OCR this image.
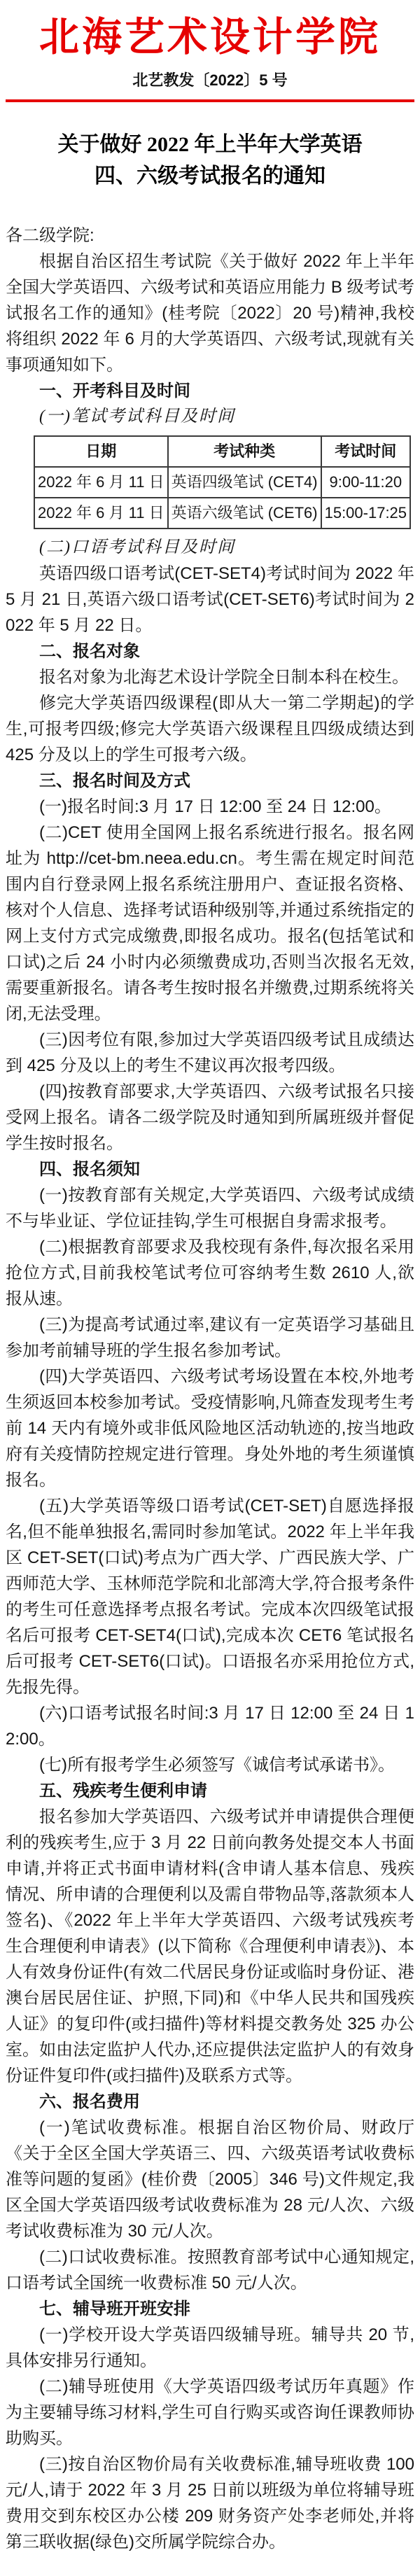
北海艺术设计学院
北艺教发〔2022〕5 号
关于做好 2022 年上半年大学英语
四、六级考试报名的通知

各二级学院:

根据自治区招生考试院《关于做好 2022 年上半年全国大学英语四、六级考试和英语应用能力 B 级考试考试报名工作的通知》(桂考院〔2022〕20 号)精神,我校将组织 2022 年 6 月的大学英语四、六级考试,现就有关事项通知如下。

一、开考科目及时间

(一)笔试考试科目及时间

日期	考试种类	考试时间
2022 年 6 月 11 日	英语四级笔试 (CET4)	9:00-11:20
2022 年 6 月 11 日	英语六级笔试 (CET6)	15:00-17:25

(二)口语考试科目及时间

英语四级口语考试(CET-SET4)考试时间为 2022 年 5 月 21 日,英语六级口语考试(CET-SET6)考试时间为 2022 年 5 月 22 日。

二、报名对象

报名对象为北海艺术设计学院全日制本科在校生。

修完大学英语四级课程(即从大一第二学期起)的学生,可报考四级;修完大学英语六级课程且四级成绩达到 425 分及以上的学生可报考六级。

三、报名时间及方式

(一)报名时间:3 月 17 日 12:00 至 24 日 12:00。

(二)CET 使用全国网上报名系统进行报名。报名网址为 http://cet-bm.neea.edu.cn。考生需在规定时间范围内自行登录网上报名系统注册用户、查证报名资格、核对个人信息、选择考试语种级别等,并通过系统指定的网上支付方式完成缴费,即报名成功。报名(包括笔试和口试)之后 24 小时内必须缴费成功,否则当次报名无效,需要重新报名。请各考生按时报名并缴费,过期系统将关闭,无法受理。

(三)因考位有限,参加过大学英语四级考试且成绩达到 425 分及以上的考生不建议再次报考四级。

(四)按教育部要求,大学英语四、六级考试报名只接受网上报名。请各二级学院及时通知到所属班级并督促学生按时报名。

四、报名须知

(一)按教育部有关规定,大学英语四、六级考试成绩不与毕业证、学位证挂钩,学生可根据自身需求报考。

(二)根据教育部要求及我校现有条件,每次报名采用抢位方式,目前我校笔试考位可容纳考生数 2610 人,欲报从速。

(三)为提高考试通过率,建议有一定英语学习基础且参加考前辅导班的学生报名参加考试。

(四)大学英语四、六级考试考场设置在本校,外地考生须返回本校参加考试。受疫情影响,凡筛查发现考生考前 14 天内有境外或非低风险地区活动轨迹的,按当地政府有关疫情防控规定进行管理。身处外地的考生须谨慎报名。

(五)大学英语等级口语考试(CET-SET)自愿选择报名,但不能单独报名,需同时参加笔试。2022 年上半年我区 CET-SET(口试)考点为广西大学、广西民族大学、广西师范大学、玉林师范学院和北部湾大学,符合报考条件的考生可任意选择考点报名考试。完成本次四级笔试报名后可报考 CET-SET4(口试),完成本次 CET6 笔试报名后可报考 CET-SET6(口试)。口语报名亦采用抢位方式,先报先得。

(六)口语考试报名时间:3 月 17 日 12:00 至 24 日 12:00。

(七)所有报考学生必须签写《诚信考试承诺书》。

五、残疾考生便利申请

报名参加大学英语四、六级考试并申请提供合理便利的残疾考生,应于 3 月 22 日前向教务处提交本人书面申请,并将正式书面申请材料(含申请人基本信息、残疾情况、所申请的合理便利以及需自带物品等,落款须本人签名)、《2022 年上半年大学英语四、六级考试残疾考生合理便利申请表》(以下简称《合理便利申请表》)、本人有效身份证件(有效二代居民身份证或临时身份证、港澳台居民居住证、护照,下同)和《中华人民共和国残疾人证》的复印件(或扫描件)等材料提交教务处 325 办公室。如由法定监护人代办,还应提供法定监护人的有效身份证件复印件(或扫描件)及联系方式等。

六、报名费用

(一)笔试收费标准。根据自治区物价局、财政厅《关于全区全国大学英语三、四、六级英语考试收费标准等问题的复函》(桂价费〔2005〕346 号)文件规定,我区全国大学英语四级考试收费标准为 28 元/人次、六级考试收费标准为 30 元/人次。

(二)口试收费标准。按照教育部考试中心通知规定,口语考试全国统一收费标准 50 元/人次。

七、辅导班开班安排

(一)学校开设大学英语四级辅导班。辅导共 20 节,具体安排另行通知。

(二)辅导班使用《大学英语四级考试历年真题》作为主要辅导练习材料,学生可自行购买或咨询任课教师协助购买。

(三)按自治区物价局有关收费标准,辅导班收费 100 元/人,请于 2022 年 3 月 25 日前以班级为单位将辅导班费用交到东校区办公楼 209 财务资产处李老师处,并将第三联收据(绿色)交所属学院综合办。
